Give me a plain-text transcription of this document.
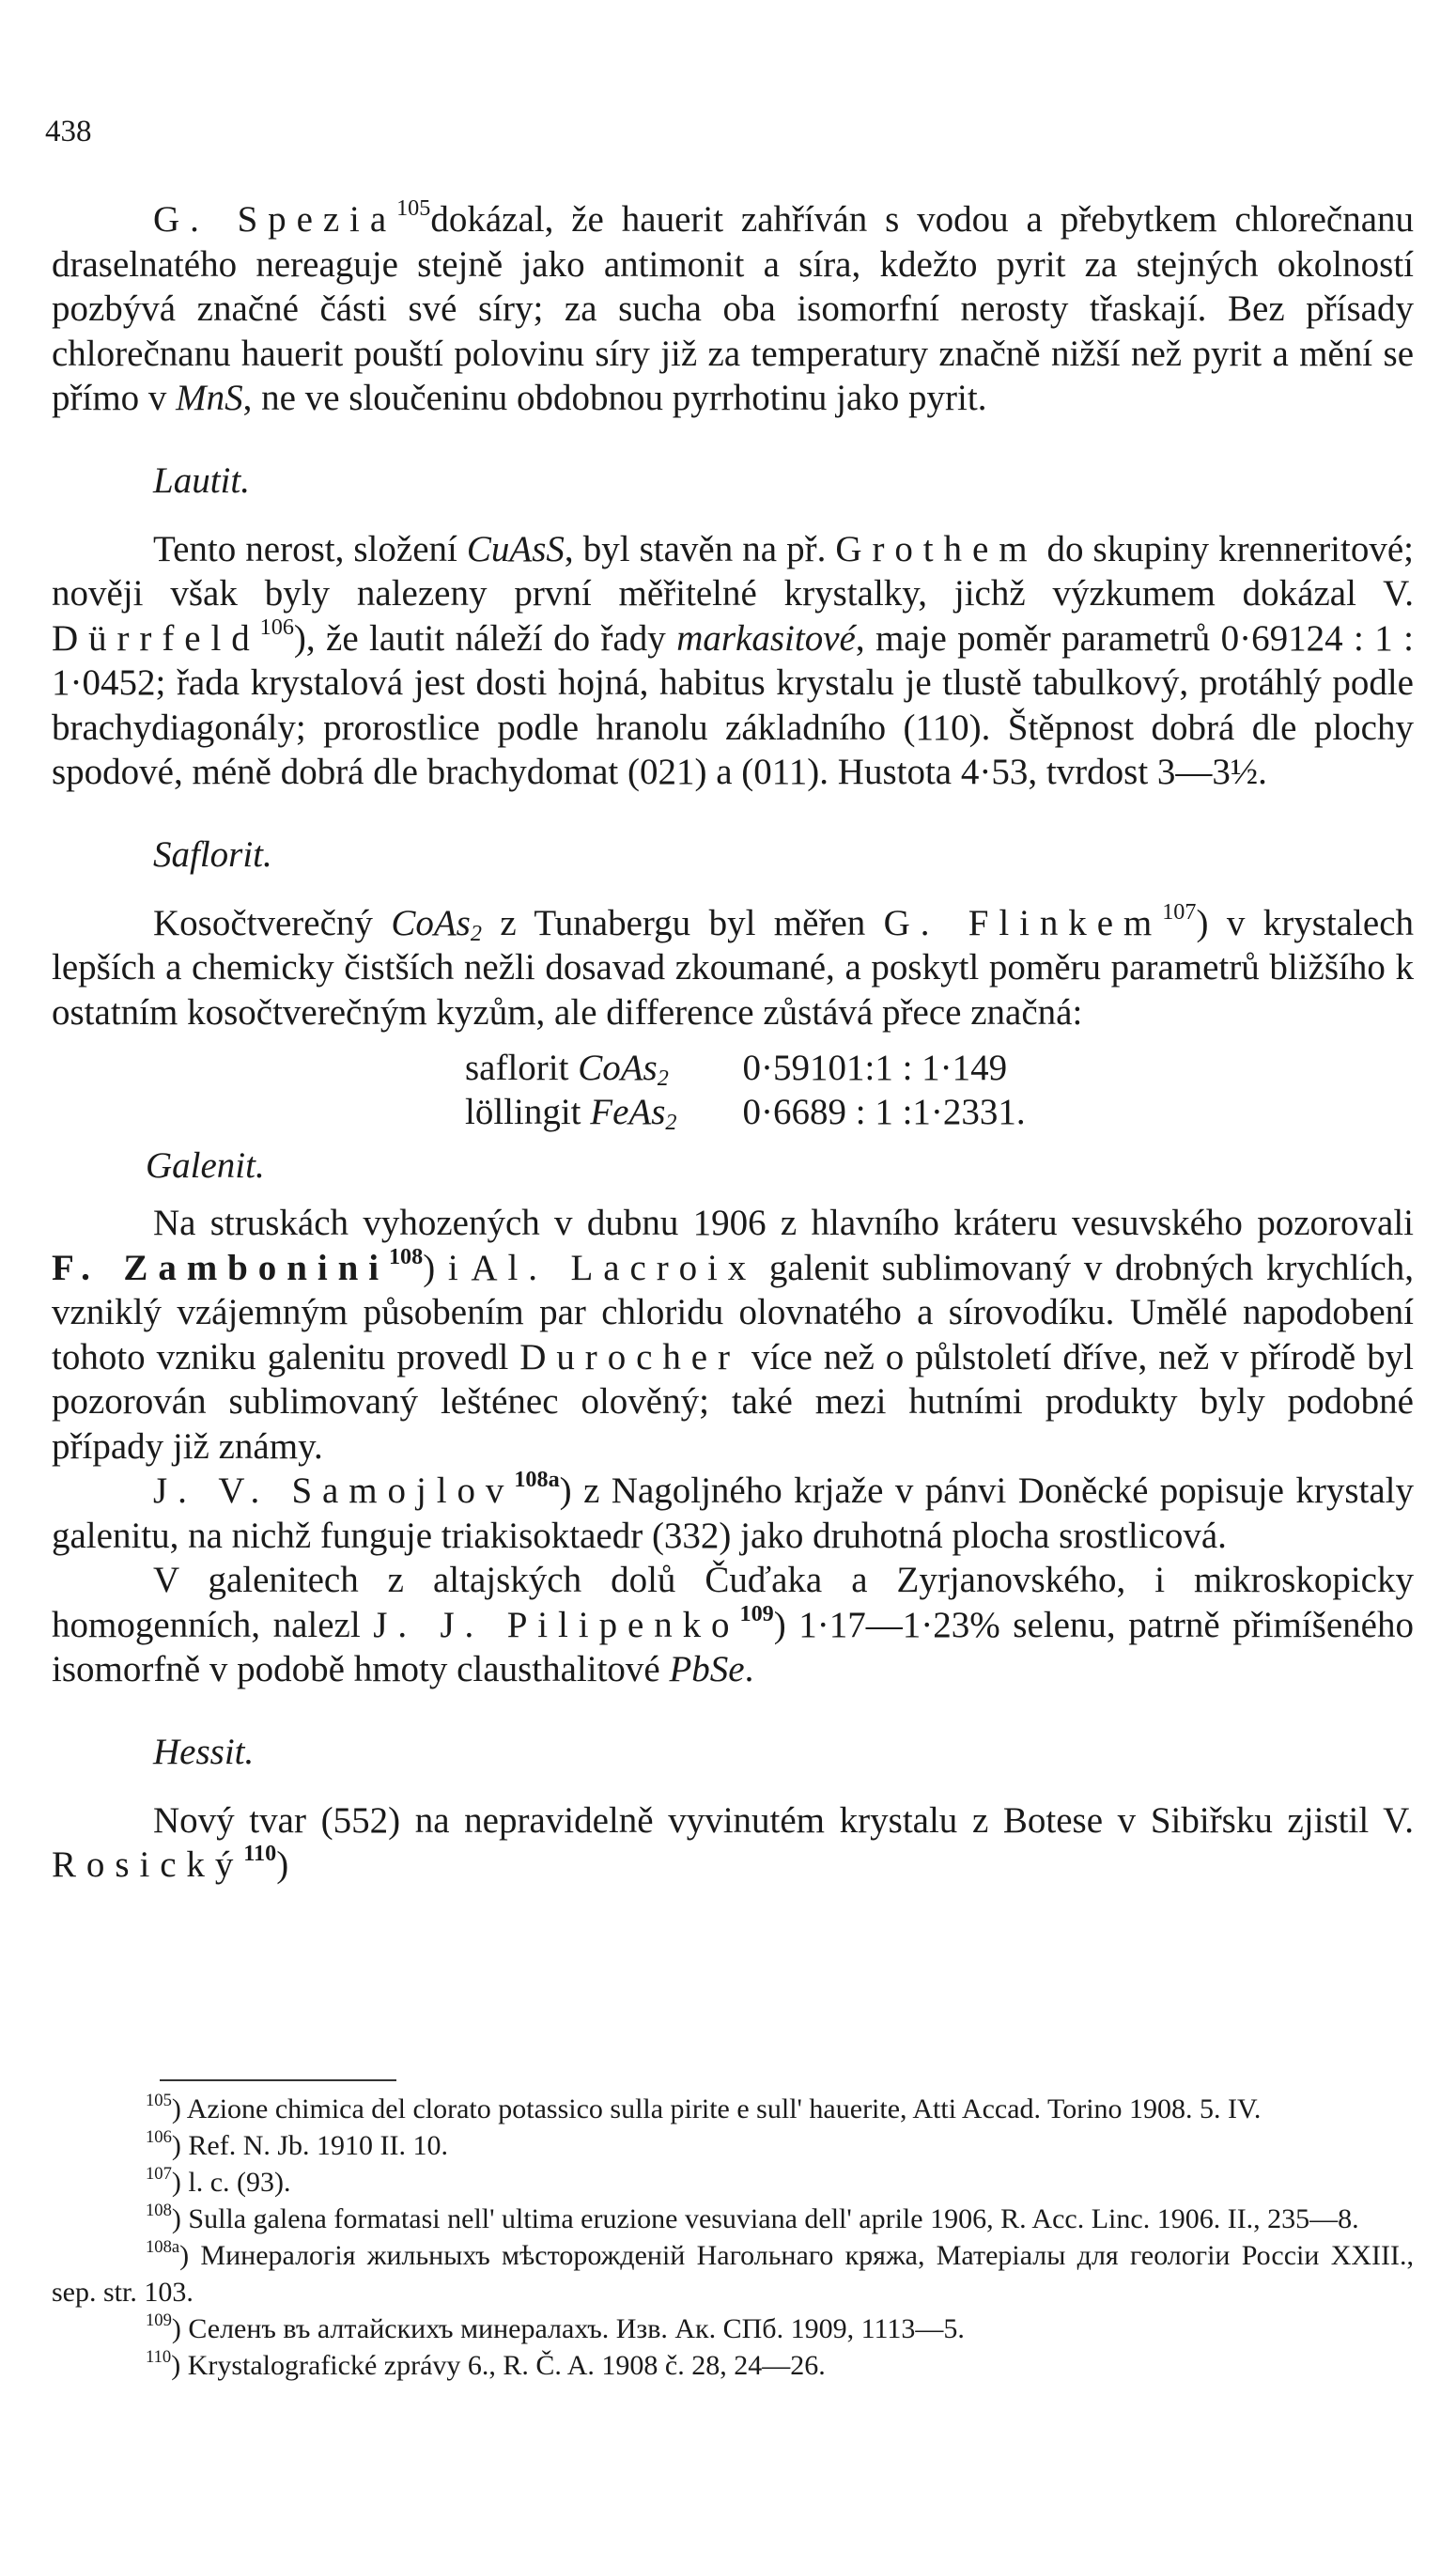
438

G. Spezia$^{105}$dokázal, že hauerit zahříván s vodou a přebytkem chlorečnanu draselnatého nereaguje stejně jako antimonit a síra, kdežto pyrit za stejných okolností pozbývá značné části své síry; za sucha oba isomorfní nerosty třaskají. Bez přísady chlorečnanu hauerit pouští polovinu síry již za temperatury značně nižší než pyrit a mění se přímo v MnS, ne ve sloučeninu obdobnou pyrrhotinu jako pyrit.

Lautit.

Tento nerost, složení CuAsS, byl stavěn na př. Grothem do skupiny krenneritové; nověji však byly nalezeny první měřitelné krystalky, jichž výzkumem dokázal V. Dürrfeld$^{106}$), že lautit náleží do řady markasitové, maje poměr parametrů 0·69124 : 1 : 1·0452; řada krystalová jest dosti hojná, habitus krystalu je tlustě tabulkový, protáhlý podle brachydiagonály; prorostlice podle hranolu základního (110). Štěpnost dobrá dle plochy spodové, méně dobrá dle brachydomat (021) a (011). Hustota 4·53, tvrdost 3—3½.

Saflorit.

Kosočtverečný CoAs$_2$ z Tunabergu byl měřen G. Flinkem$^{107}$) v krystalech lepších a chemicky čistších nežli dosavad zkoumané, a poskytl poměru parametrů bližšího k ostatním kosočtverečným kyzům, ale difference zůstává přece značná:

saflorit CoAs$_2$	0·59101:1 : 1·149
löllingit FeAs$_2$	0·6689 : 1 :1·2331.
Galenit.

Na struskách vyhozených v dubnu 1906 z hlavního kráteru vesuvského pozorovali F. Zambonini$^{108}$) i Al. Lacroix galenit sublimovaný v drobných krychlích, vzniklý vzájemným působením par chloridu olovnatého a sírovodíku. Umělé napodobení tohoto vzniku galenitu provedl Durocher více než o půlstoletí dříve, než v přírodě byl pozorován sublimovaný lešténec olověný; také mezi hutními produkty byly podobné případy již známy.

J. V. Samojlov$^{108a}$) z Nagoljného krjaže v pánvi Doněcké popisuje krystaly galenitu, na nichž funguje triakisoktaedr (332) jako druhotná plocha srostlicová.

V galenitech z altajských dolů Čuďaka a Zyrjanovského, i mikroskopicky homogenních, nalezl J. J. Pilipenko$^{109}$) 1·17—1·23% selenu, patrně přimíšeného isomorfně v podobě hmoty clausthalitové PbSe.

Hessit.

Nový tvar (552) na nepravidelně vyvinutém krystalu z Botese v Sibiřsku zjistil V. Rosický$^{110}$)

$^{105}$) Azione chimica del clorato potassico sulla pirite e sull' hauerite, Atti Accad. Torino 1908. 5. IV.

$^{106}$) Ref. N. Jb. 1910 II. 10.

$^{107}$) l. c. (93).

$^{108}$) Sulla galena formatasi nell' ultima eruzione vesuviana dell' aprile 1906, R. Acc. Linc. 1906. II., 235—8.

$^{108a}$) Минералогія жильныхъ мѣсторожденій Нагольнаго кряжа, Матеріалы для геологіи Россіи XXIII., sep. str. 103.

$^{109}$) Селенъ въ алтайскихъ минералахъ. Изв. Ак. СПб. 1909, 1113—5.

$^{110}$) Krystalografické zprávy 6., R. Č. A. 1908 č. 28, 24—26.
